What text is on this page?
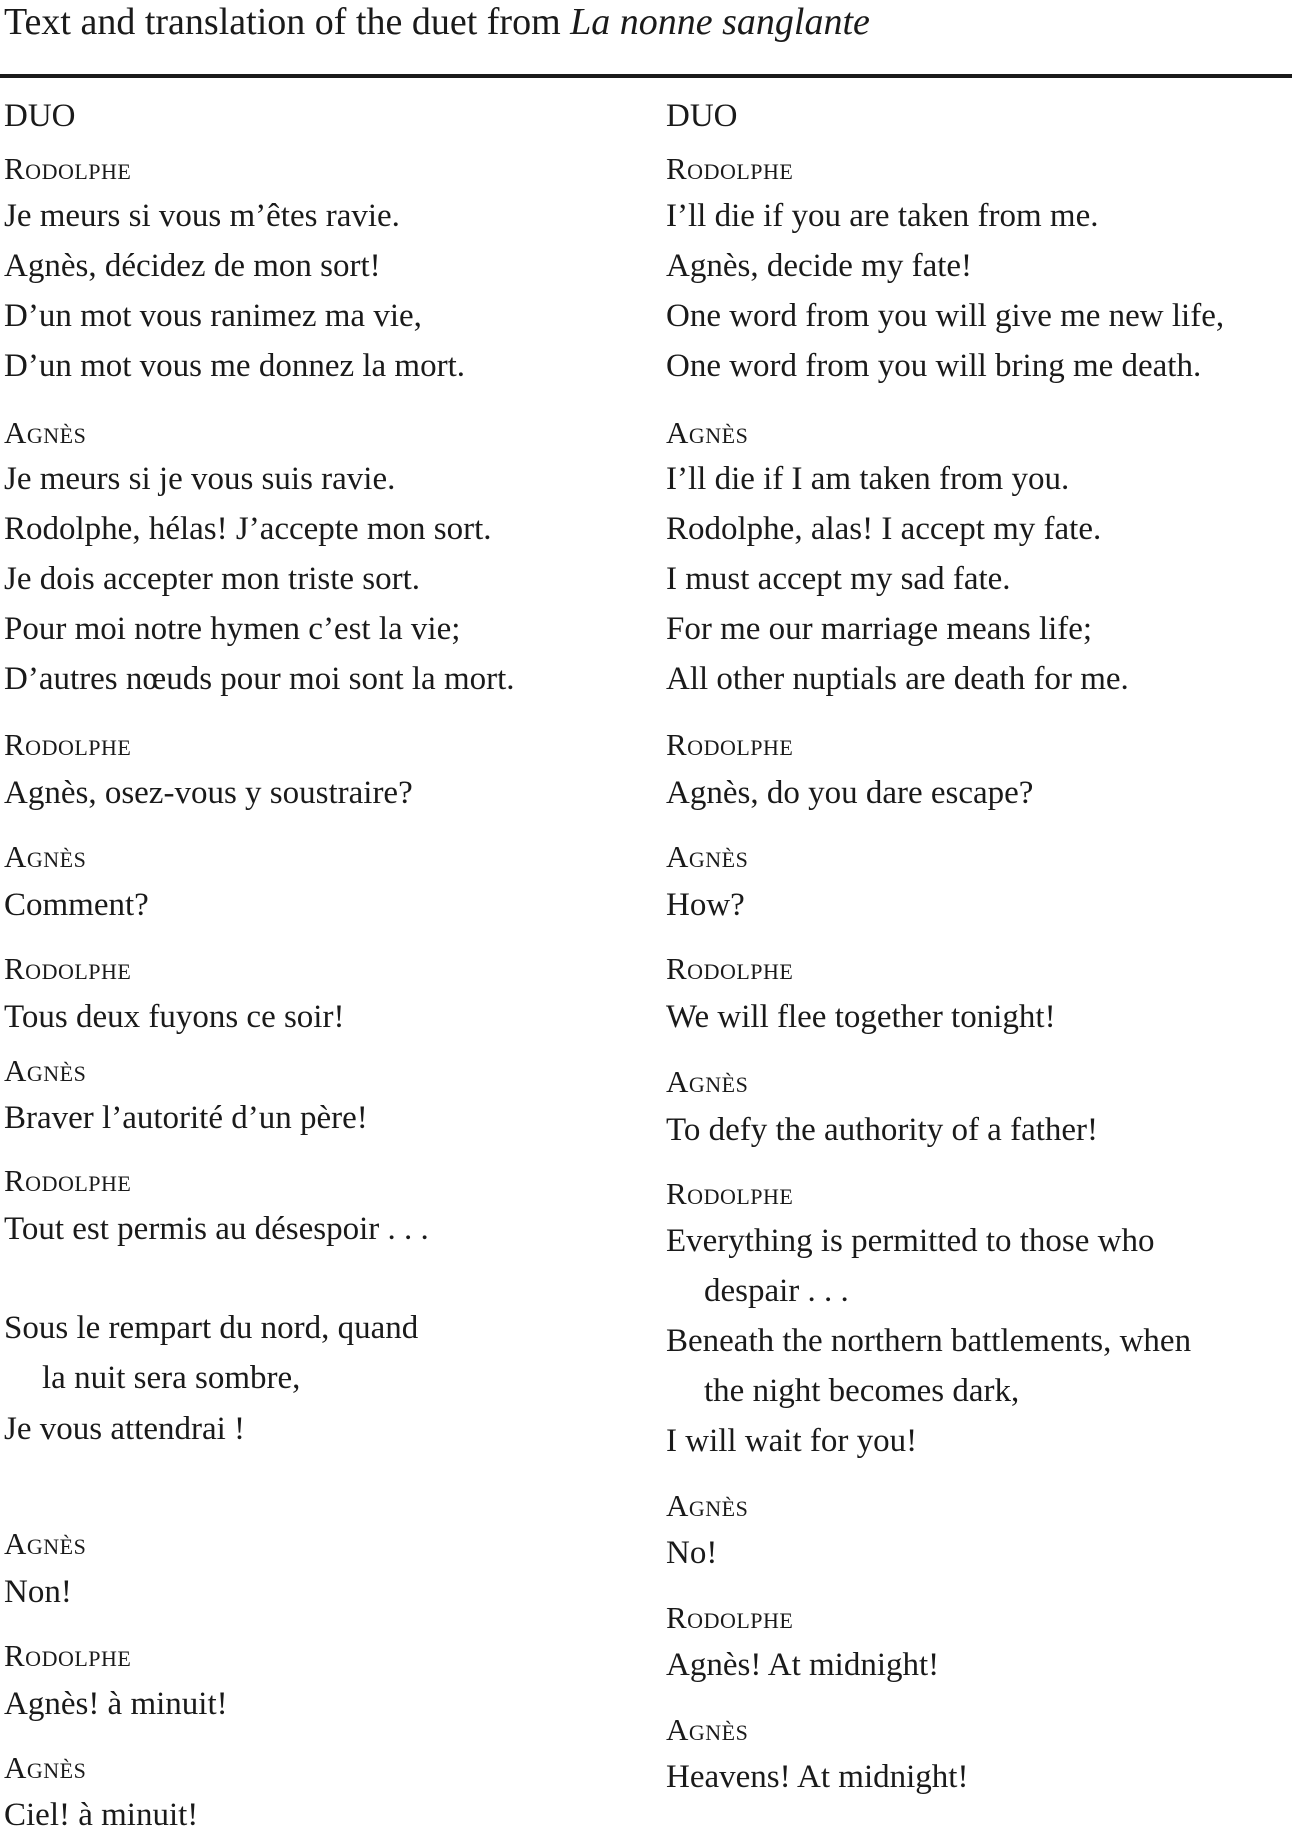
Text and translation of the duet from La nonne sanglante
DUO
Rodolphe
Je meurs si vous m’êtes ravie.
Agnès, décidez de mon sort!
D’un mot vous ranimez ma vie,
D’un mot vous me donnez la mort.
Agnès
Je meurs si je vous suis ravie.
Rodolphe, hélas! J’accepte mon sort.
Je dois accepter mon triste sort.
Pour moi notre hymen c’est la vie;
D’autres nœuds pour moi sont la mort.
Rodolphe
Agnès, osez-vous y soustraire?
Agnès
Comment?
Rodolphe
Tous deux fuyons ce soir!
Agnès
Braver l’autorité d’un père!
Rodolphe
Tout est permis au désespoir . . .
Sous le rempart du nord, quand
la nuit sera sombre,
Je vous attendrai !
Agnès
Non!
Rodolphe
Agnès! à minuit!
Agnès
Ciel! à minuit!
DUO
Rodolphe
I’ll die if you are taken from me.
Agnès, decide my fate!
One word from you will give me new life,
One word from you will bring me death.
Agnès
I’ll die if I am taken from you.
Rodolphe, alas! I accept my fate.
I must accept my sad fate.
For me our marriage means life;
All other nuptials are death for me.
Rodolphe
Agnès, do you dare escape?
Agnès
How?
Rodolphe
We will flee together tonight!
Agnès
To defy the authority of a father!
Rodolphe
Everything is permitted to those who
despair . . .
Beneath the northern battlements, when
the night becomes dark,
I will wait for you!
Agnès
No!
Rodolphe
Agnès! At midnight!
Agnès
Heavens! At midnight!
